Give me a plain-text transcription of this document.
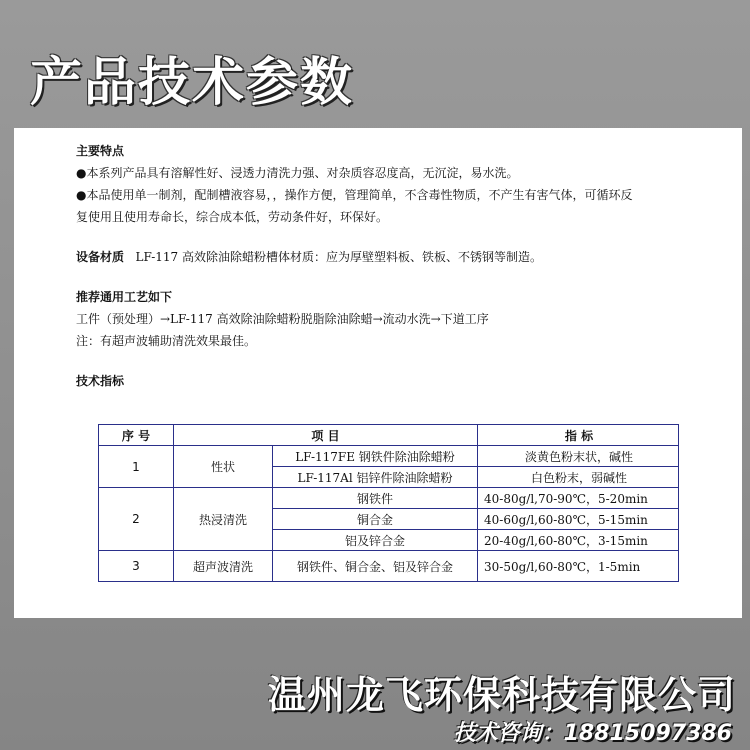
产品技术参数
主要特点

●本系列产品具有溶解性好、浸透力清洗力强、对杂质容忍度高，无沉淀，易水洗。

●本品使用单一制剂，配制槽液容易，，操作方便，管理简单，不含毒性物质，不产生有害气体，可循环反

复使用且使用寿命长，综合成本低，劳动条件好，环保好。

设备材质 LF-117 高效除油除蜡粉槽体材质：应为厚壁塑料板、铁板、不锈钢等制造。

推荐通用工艺如下

工件（预处理）→LF-117 高效除油除蜡粉脱脂除油除蜡→流动水洗→下道工序

注：有超声波辅助清洗效果最佳。

技术指标
序 号	项 目		指 标
1	性状	LF-117FE 钢铁件除油除蜡粉	淡黄色粉末状，碱性
		LF-117Al 铝锌件除油除蜡粉	白色粉末，弱碱性
2	热浸清洗	钢铁件	40-80g/l,70-90℃，5-20min
		铜合金	40-60g/l,60-80℃，5-15min
		铝及锌合金	20-40g/l,60-80℃，3-15min
3	超声波清洗	钢铁件、铜合金、铝及锌合金	30-50g/l,60-80℃，1-5min
温州龙飞环保科技有限公司
技术咨询：18815097386
